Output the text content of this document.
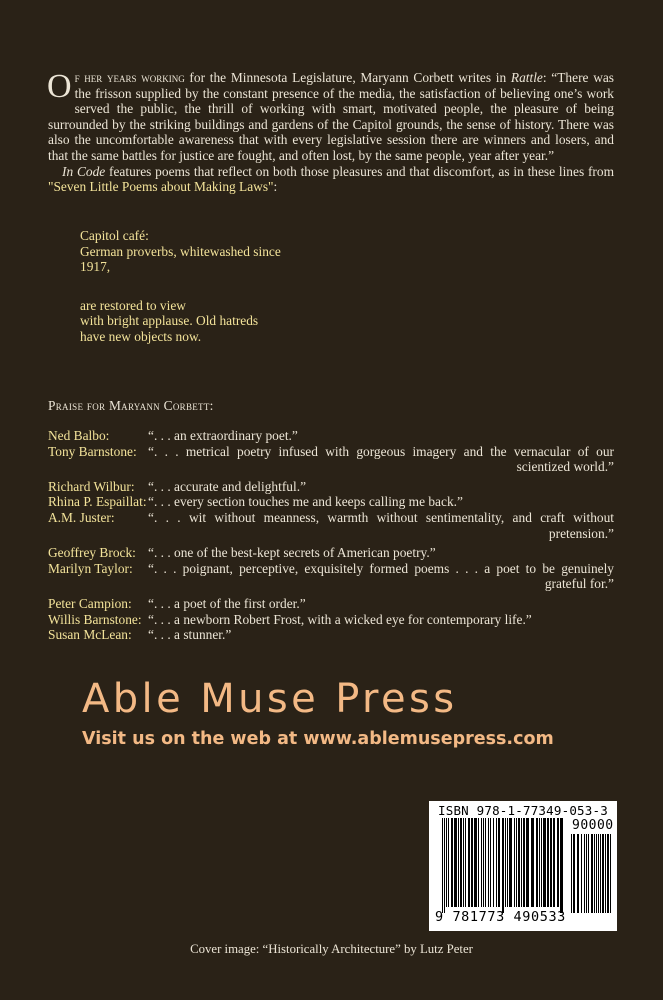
Of her years working for the Minnesota Legislature, Maryann Corbett writes in Rattle: “There was the frisson supplied by the constant presence of the media, the satisfaction of believing one’s work served the public, the thrill of working with smart, motivated people, the pleasure of being surrounded by the striking buildings and gardens of the Capitol grounds, the sense of history. There was also the uncomfortable awareness that with every legislative session there are winners and losers, and that the same battles for justice are fought, and often lost, by the same people, year after year.”

In Code features poems that reflect on both those pleasures and that discomfort, as in these lines from "Seven Little Poems about Making Laws":

Capitol café:
German proverbs, whitewashed since
1917,
are restored to view
with bright applause. Old hatreds
have new objects now.
Praise for Maryann Corbett:
Ned Balbo:	“. . . an extraordinary poet.”
Tony Barnstone: “. . . metrical poetry infused with gorgeous imagery and the vernacular of our scientized world.”
Richard Wilbur: “. . . accurate and delightful.”
Rhina P. Espaillat: “. . . every section touches me and keeps calling me back.”
A.M. Juster:	“. . . wit without meanness, warmth without sentimentality, and craft without pretension.”
Geoffrey Brock: “. . . one of the best-kept secrets of American poetry.”
Marilyn Taylor:	“. . . poignant, perceptive, exquisitely formed poems . . . a poet to be genuinely grateful for.”
Peter Campion:	“. . . a poet of the first order.”
Willis Barnstone: “. . . a newborn Robert Frost, with a wicked eye for contemporary life.”
Susan McLean:	“. . . a stunner.”
Able Muse Press
Visit us on the web at www.ablemusepress.com
ISBN 978-1-77349-053-3
90000
9 781773 490533
Cover image: “Historically Architecture” by Lutz Peter
